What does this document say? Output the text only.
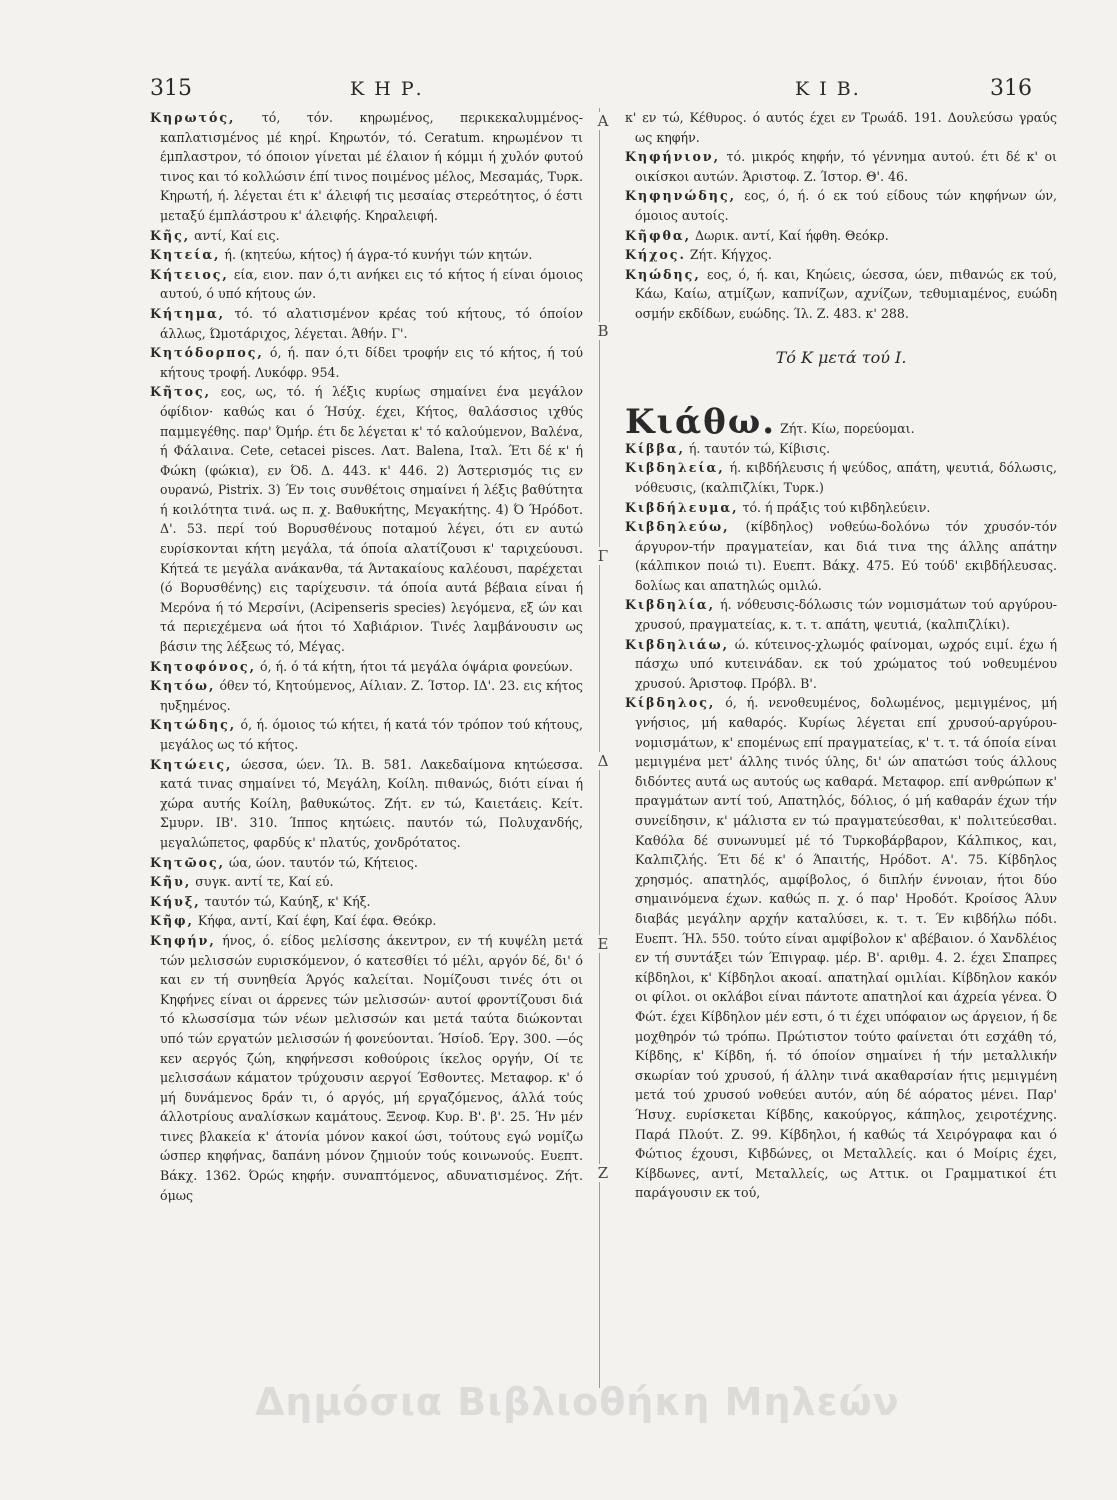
315	Κ Η Ρ.	Κ Ι Β.	316
Κηρωτός, τό, τόν. κηρωμένος, περικεκαλυμμένος-καπλατισμένος μέ κηρί. Κηρωτόν, τό. Ceratum. κηρωμένον τι έμπλαστρον, τό όποιον γίνεται μέ έλαιον ή κόμμι ή χυλόν φυτού τινος και τό κολλώσιν έπί τινος ποιμένος μέλος, Μεσαμάς, Τυρκ. Κηρωτή, ή. λέγεται έτι κ' άλειφή τις μεσαίας στερεότητος, ό έστι μεταξύ έμπλάστρου κ' άλειφής. Κηραλειφή.
Κῆς, αντί, Καί εις.
Κητεία, ή. (κητεύω, κήτος) ή άγρα-τό κυνήγι τών κητών.
Κήτειος, εία, ειον. παν ό,τι ανήκει εις τό κήτος ή είναι όμοιος αυτού, ό υπό κήτους ών.
Κήτημα, τό. τό αλατισμένον κρέας τού κήτους, τό όποίον άλλως, Ώμοτάριχος, λέγεται. Άθήν. Γ'.
Κητόδορπος, ό, ή. παν ό,τι δίδει τροφήν εις τό κήτος, ή τού κήτους τροφή. Λυκόφρ. 954.
Κῆτος, εος, ως, τό. ή λέξις κυρίως σημαίνει ένα μεγάλον όφίδιον· καθώς και ό Ήσύχ. έχει, Κήτος, θαλάσσιος ιχθύς παμμεγέθης. παρ' Όμήρ. έτι δε λέγεται κ' τό καλούμενον, Βαλένα, ή Φάλαινα. Cete, cetacei pisces. Λατ. Balena, Ιταλ. Έτι δέ κ' ή Φώκη (φώκια), εν Όδ. Δ. 443. κ' 446. 2) Άστερισμός τις εν ουρανώ, Pistrix. 3) Έν τοις συνθέτοις σημαίνει ή λέξις βαθύτητα ή κοιλότητα τινά. ως π. χ. Βαθυκήτης, Μεγακήτης. 4) Ό Ήρόδοτ. Δ'. 53. περί τού Βορυσθένους ποταμού λέγει, ότι εν αυτώ ευρίσκονται κήτη μεγάλα, τά όποία αλατίζουσι κ' ταριχεύουσι. Κήτεά τε μεγάλα ανάκανθα, τά Άντακαίους καλέουσι, παρέχεται (ό Βορυσθένης) εις ταρίχευσιν. τά όποία αυτά βέβαια είναι ή Μερόνα ή τό Μερσίνι, (Acipenseris species) λεγόμενα, εξ ών και τά περιεχέμενα ωά ήτοι τό Χαβιάριον. Τινές λαμβάνουσιν ως βάσιν της λέξεως τό, Μέγας.
Κητοφόνος, ό, ή. ό τά κήτη, ήτοι τά μεγάλα όψάρια φονεύων.
Κητόω, όθεν τό, Κητούμενος, Αίλιαν. Ζ. Ίστορ. ΙΔ'. 23. εις κήτος ηυξημένος.
Κητώδης, ό, ή. όμοιος τώ κήτει, ή κατά τόν τρόπον τού κήτους, μεγάλος ως τό κήτος.
Κητώεις, ώεσσα, ώεν. Ίλ. Β. 581. Λακεδαίμονα κητώεσσα. κατά τινας σημαίνει τό, Μεγάλη, Κοίλη. πιθανώς, διότι είναι ή χώρα αυτής Κοίλη, βαθυκώτος. Ζήτ. εν τώ, Καιετάεις. Κείτ. Σμυρν. ΙΒ'. 310. Ίππος κητώεις. παυτόν τώ, Πολυχανδής, μεγαλώπετος, φαρδύς κ' πλατύς, χονδρότατος.
Κητῶος, ώα, ώον. ταυτόν τώ, Κήτειος.
Κῆυ, συγκ. αντί τε, Καί εύ.
Κήυξ, ταυτόν τώ, Καύηξ, κ' Κήξ.
Κῆφ, Κήφα, αντί, Καί έφη, Καί έφα. Θεόκρ.
Κηφήν, ήνος, ό. είδος μελίσσης άκεντρον, εν τή κυψέλη μετά τών μελισσών ευρισκόμενον, ό κατεσθίει τό μέλι, αργόν δέ, δι' ό και εν τή συνηθεία Άργός καλείται. Νομίζουσι τινές ότι οι Κηφήνες είναι οι άρρενες τών μελισσών· αυτοί φροντίζουσι διά τό κλωσσίσμα τών νέων μελισσών και μετά ταύτα διώκονται υπό τών εργατών μελισσών ή φονεύονται. Ήσίοδ. Έργ. 300. —ός κεν αεργός ζώη, κηφήνεσσι κοθούροις ίκελος οργήν, Οί τε μελισσάων κάματον τρύχουσιν αεργοί Έσθοντες. Μεταφορ. κ' ό μή δυνάμενος δράν τι, ό αργός, μή εργαζόμενος, άλλά τούς άλλοτρίους αναλίσκων καμάτους. Ξενοφ. Κυρ. Β'. β'. 25. Ήν μέν τινες βλακεία κ' άτονία μόνον κακοί ώσι, τούτους εγώ νομίζω ώσπερ κηφήνας, δαπάνη μόνον ζημιούν τούς κοινωνούς. Ευεπτ. Βάκχ. 1362. Όρώς κηφήν. συναπτόμενος, αδυνατισμένος. Ζήτ. όμως
κ' εν τώ, Κέθυρος. ό αυτός έχει εν Τρωάδ. 191. Δουλεύσω γραύς ως κηφήν.
Κηφήνιον, τό. μικρός κηφήν, τό γέννημα αυτού. έτι δέ κ' οι οικίσκοι αυτών. Άριστοφ. Ζ. Ίστορ. Θ'. 46.
Κηφηνώδης, εος, ό, ή. ό εκ τού είδους τών κηφήνων ών, όμοιος αυτοίς.
Κῆφθα, Δωρικ. αντί, Καί ήφθη. Θεόκρ.
Κήχος. Ζήτ. Κήγχος.
Κηώδης, εος, ό, ή. και, Κηώεις, ώεσσα, ώεν, πιθανώς εκ τού, Κάω, Καίω, ατμίζων, καπνίζων, αχνίζων, τεθυμιαμένος, ευώδη οσμήν εκδίδων, ευώδης. Ίλ. Ζ. 483. κ' 288.
Τό Κ μετά τού Ι.
Κιάθω. Ζήτ. Κίω, πορεύομαι.
Κίββα, ή. ταυτόν τώ, Κίβισις.
Κιβδηλεία, ή. κιβδήλευσις ή ψεύδος, απάτη, ψευτιά, δόλωσις, νόθευσις, (καλπιζλίκι, Τυρκ.)
Κιβδήλευμα, τό. ή πράξις τού κιβδηλεύειν.
Κιβδηλεύω, (κίβδηλος) νοθεύω-δολόνω τόν χρυσόν-τόν άργυρον-τήν πραγματείαν, και διά τινα της άλλης απάτην (κάλπικον ποιώ τι). Ευεπτ. Βάκχ. 475. Εύ τούδ' εκιβδήλευσας. δολίως και απατηλώς ομιλώ.
Κιβδηλία, ή. νόθευσις-δόλωσις τών νομισμάτων τού αργύρου-χρυσού, πραγματείας, κ. τ. τ. απάτη, ψευτιά, (καλπιζλίκι).
Κιβδηλιάω, ώ. κύτεινος-χλωμός φαίνομαι, ωχρός ειμί. έχω ή πάσχω υπό κυτεινάδαν. εκ τού χρώματος τού νοθευμένου χρυσού. Άριστοφ. Πρόβλ. Β'.
Κίβδηλος, ό, ή. νενοθευμένος, δολωμένος, μεμιγμένος, μή γνήσιος, μή καθαρός. Κυρίως λέγεται επί χρυσού-αργύρου-νομισμάτων, κ' επομένως επί πραγματείας, κ' τ. τ. τά όποία είναι μεμιγμένα μετ' άλλης τινός ύλης, δι' ών απατώσι τούς άλλους διδόντες αυτά ως αυτούς ως καθαρά. Μεταφορ. επί ανθρώπων κ' πραγμάτων αντί τού, Απατηλός, δόλιος, ό μή καθαράν έχων τήν συνείδησιν, κ' μάλιστα εν τώ πραγματεύεσθαι, κ' πολιτεύεσθαι. Καθόλα δέ συνωνυμεί μέ τό Τυρκοβάρβαρον, Κάλπικος, και, Καλπιζλής. Έτι δέ κ' ό Άπαιτής, Ηρόδοτ. Α'. 75. Κίβδηλος χρησμός. απατηλός, αμφίβολος, ό διπλήν έννοιαν, ήτοι δύο σημαινόμενα έχων. καθώς π. χ. ό παρ' Ηροδότ. Κροίσος Άλυν διαβάς μεγάλην αρχήν καταλύσει, κ. τ. τ. Έν κιβδήλω πόδι. Ευεπτ. Ήλ. 550. τούτο είναι αμφίβολον κ' αβέβαιον. ό Χανδλέιος εν τή συντάξει τών Έπιγραφ. μέρ. Β'. αριθμ. 4. 2. έχει Σπαπρες κίβδηλοι, κ' Κίβδηλοι ακοαί. απατηλαί ομιλίαι. Κίβδηλον κακόν οι φίλοι. οι οκλάβοι είναι πάντοτε απατηλοί και άχρεία γένεα. Ό Φώτ. έχει Κίβδηλον μέν εστι, ό τι έχει υπόφαιον ως άργειον, ή δε μοχθηρόν τώ τρόπω. Πρώτιστον τούτο φαίνεται ότι εσχάθη τό, Κίβδης, κ' Κίβδη, ή. τό όποίον σημαίνει ή τήν μεταλλικήν σκωρίαν τού χρυσού, ή άλλην τινά ακαθαρσίαν ήτις μεμιγμένη μετά τού χρυσού νοθεύει αυτόν, αύη δέ αόρατος μένει. Παρ' Ήσυχ. ευρίσκεται Κίβδης, κακούργος, κάπηλος, χειροτέχνης. Παρά Πλούτ. Ζ. 99. Κίβδηλοι, ή καθώς τά Χειρόγραφα και ό Φώτιος έχουσι, Κιβδώνες, οι Μεταλλείς. και ό Μοίρις έχει, Κίβδωνες, αντί, Μεταλλείς, ως Αττικ. οι Γραμματικοί έτι παράγουσιν εκ τού,
Α
Β
Γ
Δ
Ε
Ζ
Δημόσια Βιβλιοθήκη Μηλεών
